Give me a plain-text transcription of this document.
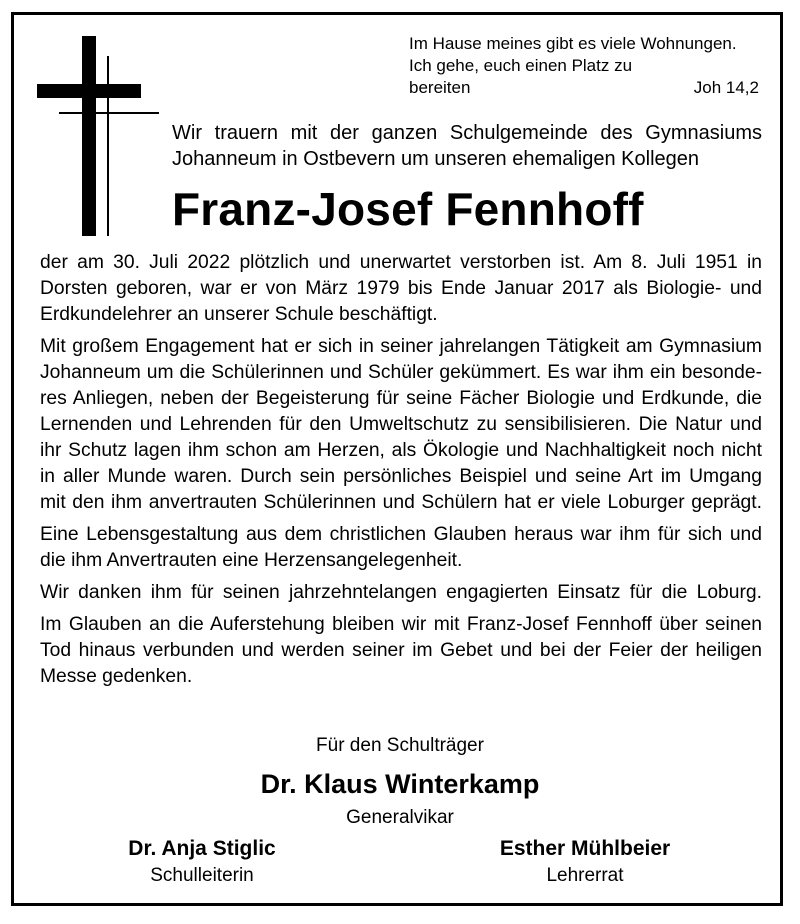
Im Hause meines gibt es viele Wohnungen.
Ich gehe, euch einen Platz zu
bereiten	Joh 14,2
Wir trauern mit der ganzen Schulgemeinde des Gymnasiums
Johanneum in Ostbevern um unseren ehemaligen Kollegen
Franz-Josef Fennhoff

der am 30. Juli 2022 plötzlich und unerwartet verstorben ist. Am 8. Juli 1951 in
Dorsten geboren, war er von März 1979 bis Ende Januar 2017 als Biologie- und
Erdkundelehrer an unserer Schule beschäftigt.

Mit großem Engagement hat er sich in seiner jahrelangen Tätigkeit am Gymnasium
Johanneum um die Schülerinnen und Schüler gekümmert. Es war ihm ein besonde-
res Anliegen, neben der Begeisterung für seine Fächer Biologie und Erdkunde, die
Lernenden und Lehrenden für den Umweltschutz zu sensibilisieren. Die Natur und
ihr Schutz lagen ihm schon am Herzen, als Ökologie und Nachhaltigkeit noch nicht
in aller Munde waren. Durch sein persönliches Beispiel und seine Art im Umgang
mit den ihm anvertrauten Schülerinnen und Schülern hat er viele Loburger geprägt.

Eine Lebensgestaltung aus dem christlichen Glauben heraus war ihm für sich und
die ihm Anvertrauten eine Herzensangelegenheit.

Wir danken ihm für seinen jahrzehntelangen engagierten Einsatz für die Loburg.

Im Glauben an die Auferstehung bleiben wir mit Franz-Josef Fennhoff über seinen
Tod hinaus verbunden und werden seiner im Gebet und bei der Feier der heiligen
Messe gedenken.

Für den Schulträger
Dr. Klaus Winterkamp
Generalvikar
Dr. Anja Stiglic
Schulleiterin
Esther Mühlbeier
Lehrerrat
